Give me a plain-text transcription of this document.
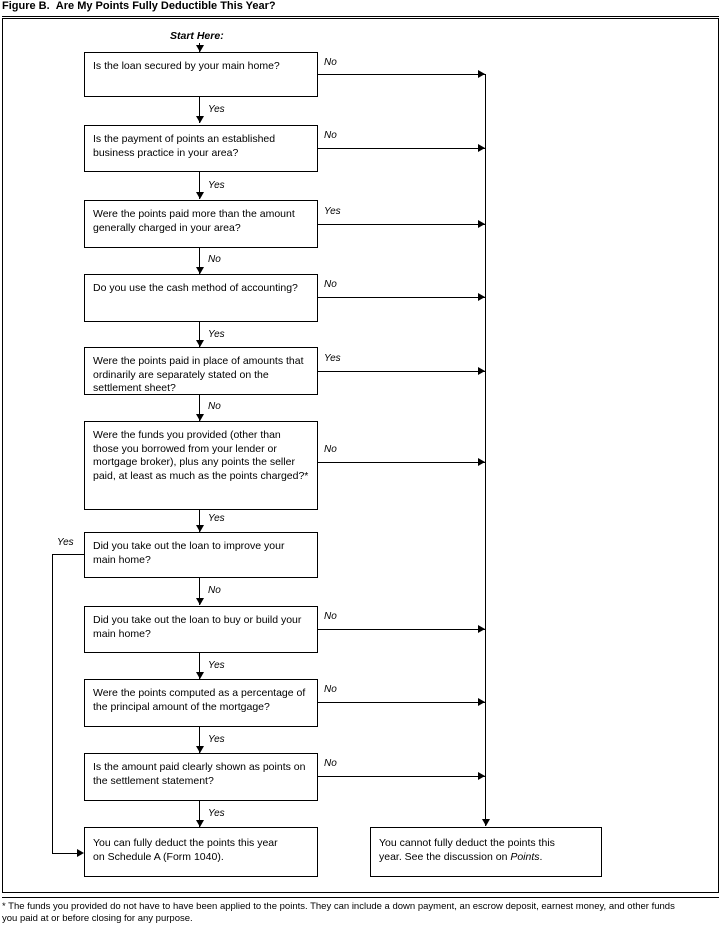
Figure B. Are My Points Fully Deductible This Year?
Start Here:
Yes
Is the loan secured by your main home?	No
Yes
Is the payment of points an established business practice in your area?
No
Yes
Were the points paid more than the amount generally charged in your area?
Yes
No
Do you use the cash method of accounting?	No
Yes
Were the points paid in place of amounts that ordinarily are separately stated on the settlement sheet?
Yes
No
Were the funds you provided (other than those you borrowed from your lender or mortgage broker), plus any points the seller paid, at least as much as the points charged?*
No
Yes
Did you take out the loan to improve your main home?
No
Did you take out the loan to buy or build your main home?
No
Yes
Were the points computed as a percentage of the principal amount of the mortgage?
No
Yes
Is the amount paid clearly shown as points on the settlement statement?
No
Yes
You can fully deduct the points this year
on Schedule A (Form 1040).
You cannot fully deduct the points this
year. See the discussion on Points.
* The funds you provided do not have to have been applied to the points. They can include a down payment, an escrow deposit, earnest money, and other funds
you paid at or before closing for any purpose.
